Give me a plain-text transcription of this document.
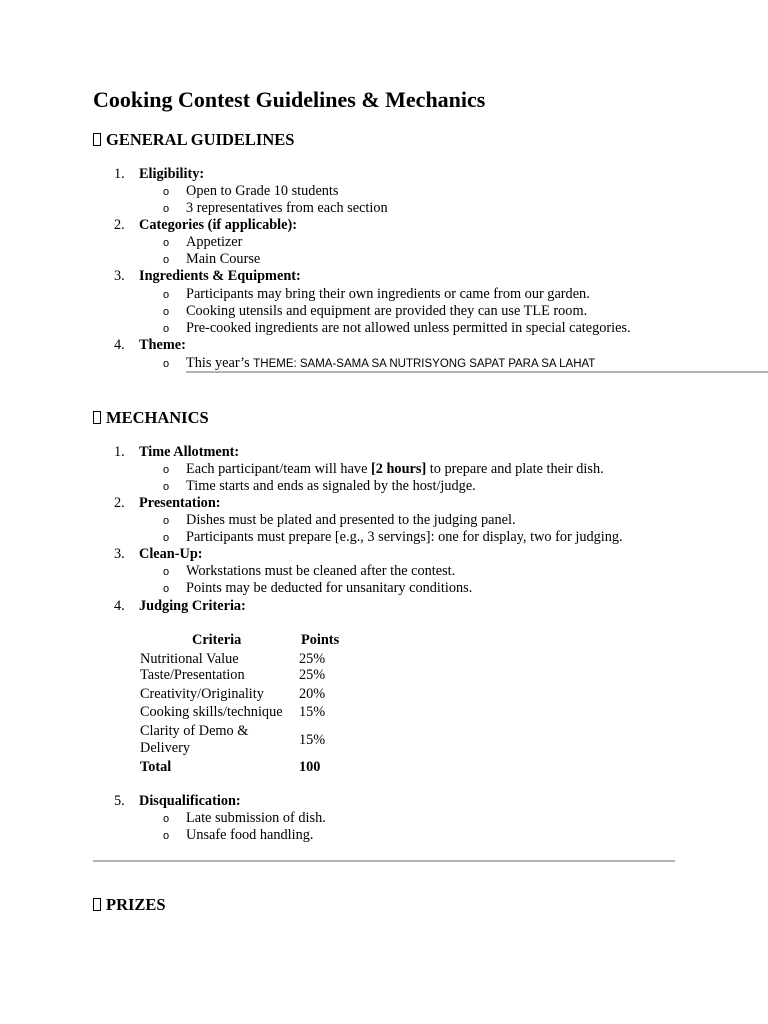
Cooking Contest Guidelines & Mechanics
GENERAL GUIDELINES
1. Eligibility:
o Open to Grade 10 students
o 3 representatives from each section
2. Categories (if applicable):
o Appetizer
o Main Course
3. Ingredients & Equipment:
o Participants may bring their own ingredients or came from our garden.
o Cooking utensils and equipment are provided they can use TLE room.
o Pre-cooked ingredients are not allowed unless permitted in special categories.
4. Theme:
o This year’s THEME: SAMA-SAMA SA NUTRISYONG SAPAT PARA SA LAHAT
MECHANICS
1. Time Allotment:
o Each participant/team will have [2 hours] to prepare and plate their dish.
o Time starts and ends as signaled by the host/judge.
2. Presentation:
o Dishes must be plated and presented to the judging panel.
o Participants must prepare [e.g., 3 servings]: one for display, two for judging.
3. Clean-Up:
o Workstations must be cleaned after the contest.
o Points may be deducted for unsanitary conditions.
4. Judging Criteria:
Criteria	Points
Nutritional Value	25%
Taste/Presentation	25%
Creativity/Originality 20%
Cooking skills/technique 15%
Clarity of Demo &
Delivery	15%
Total	100
5. Disqualification:
o Late submission of dish.
o Unsafe food handling.
PRIZES
